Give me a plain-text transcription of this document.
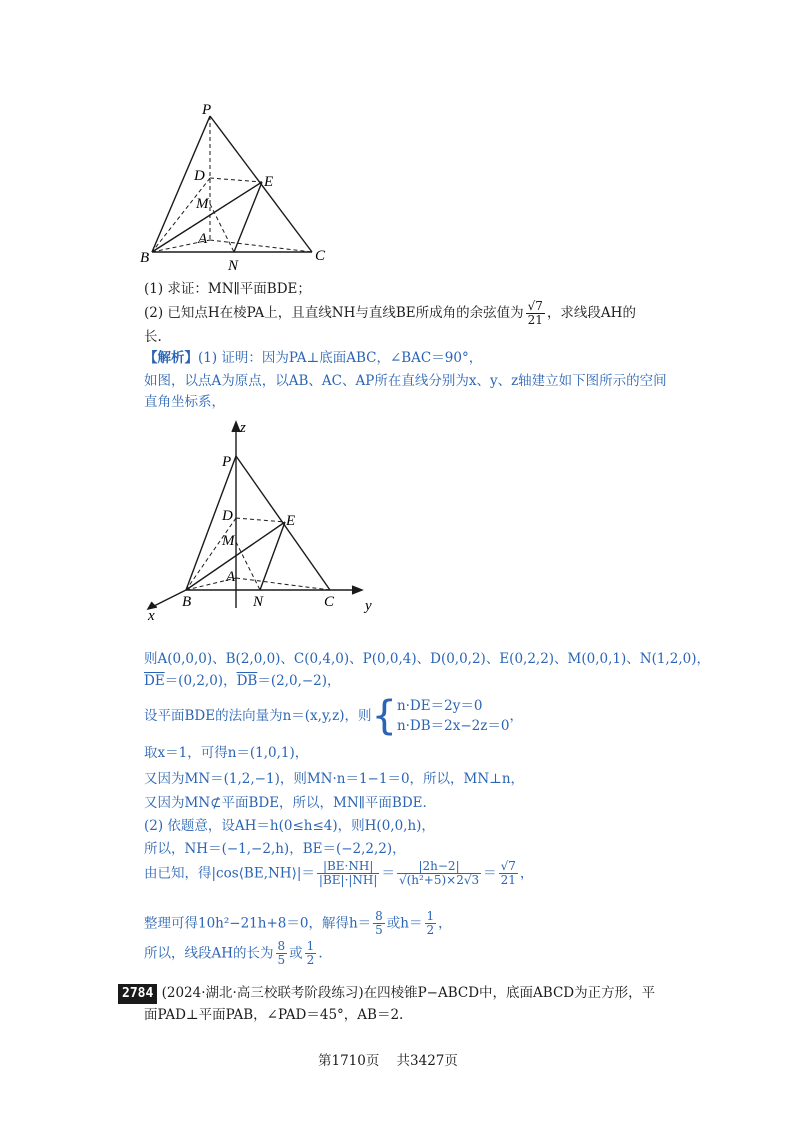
P
D	E
M
A
B	N
C
(1) 求证：MN∥平面BDE；
(2) 已知点H在棱PA上，且直线NH与直线BE所成角的余弦值为 $\frac{√7}{21}$ ，求线段AH的
长.
【解析】(1) 证明：因为PA⊥底面ABC，∠BAC＝90°，
如图，以点A为原点，以AB、AC、AP所在直线分别为x、y、z轴建立如下图所示的空间
直角坐标系，
z
P
D	E
M
A
B	N	C
x
y
则A(0,0,0)、B(2,0,0)、C(0,4,0)、P(0,0,4)、D(0,0,2)、E(0,2,2)、M(0,0,1)、N(1,2,0)，
$\overline{DE}=(0,2,0)$，$\overline{DB}=(2,0,-2)$，
设平面BDE的法向量为n＝(x,y,z)，则{ n·DE＝2y＝0
n·DB＝2x−2z＝0
，
取x＝1，可得n＝(1,0,1)，
又因为MN＝(1,2,−1)，则MN·n＝1−1＝0，所以，MN⊥n，
又因为MN⊄平面BDE，所以，MN∥平面BDE.
(2) 依题意，设AH＝h(0≤h≤4)，则H(0,0,h)，
所以，NH＝(−1,−2,h)，BE＝(−2,2,2)，
由已知，得|cos⟨BE,NH⟩|＝ $\frac{|BE\cdot NH|}{|BE|\cdot|NH|} = \frac{|2h-2|}{\text{√(h²+5)×2√3}} = \frac{√7}{21}$ ，
整理可得10h²−21h+8＝0，解得$h= \frac{8}{5}$ 或$h= \frac{1}{2}$ ，
所以，线段AH的长为 $\frac{8}{5}$ 或 $\frac{1}{2}$ .
2784 (2024·湖北·高三校联考阶段练习)在四棱锥P−ABCD中，底面ABCD为正方形，平
面PAD⊥平面PAB，∠PAD＝45°，AB＝2.
第1710页 共3427页
